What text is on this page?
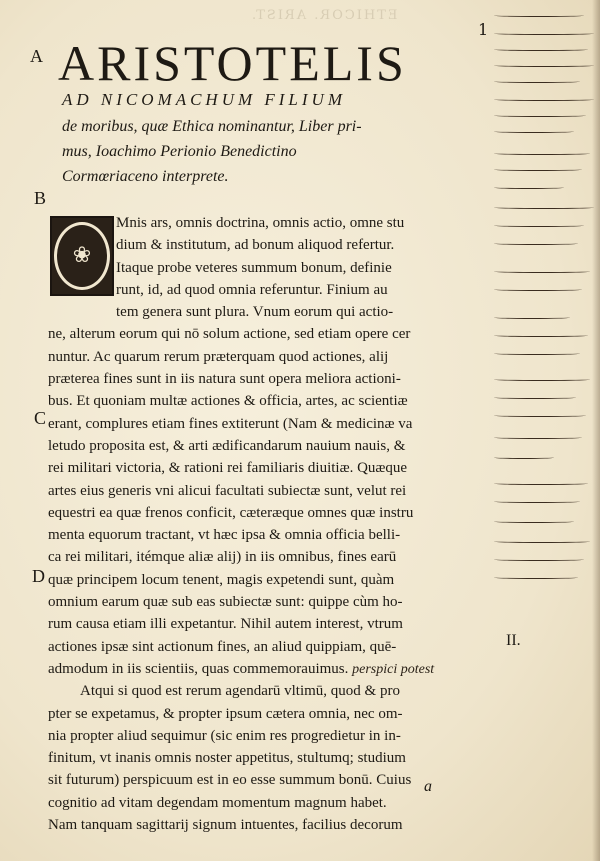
ETHICOR. ARIST.
1
A
B
C
D
ARISTOTELIS
AD NICOMACHUM FILIUM
de moribus, quæ Ethica nominantur, Liber pri-
mus, Ioachimo Perionio Benedictino
Cormœriaceno interprete.
❀
Mnis ars, omnis doctrina, omnis actio, omne stu
dium & institutum, ad bonum aliquod refertur.
Itaque probe veteres summum bonum, definie
runt, id, ad quod omnia referuntur. Finium au
tem genera sunt plura. Vnum eorum qui actio-
ne, alterum eorum qui nō solum actione, sed etiam opere cer
nuntur. Ac quarum rerum præterquam quod actiones, alij
præterea fines sunt in iis natura sunt opera meliora actioni-
bus. Et quoniam multæ actiones & officia, artes, ac scientiæ
erant, complures etiam fines extiterunt (Nam & medicinæ va
letudo proposita est, & arti ædificandarum nauium nauis, &
rei militari victoria, & rationi rei familiaris diuitiæ. Quæque
artes eius generis vni alicui facultati subiectæ sunt, velut rei
equestri ea quæ frenos conficit, cæteræque omnes quæ instru
menta equorum tractant, vt hæc ipsa & omnia officia belli-
ca rei militari, itémque aliæ alij) in iis omnibus, fines earū
quæ principem locum tenent, magis expetendi sunt, quàm
omnium earum quæ sub eas subiectæ sunt: quippe cùm ho-
rum causa etiam illi expetantur. Nihil autem interest, vtrum
actiones ipsæ sint actionum fines, an aliud quippiam, quē-
admodum in iis scientiis, quas commemorauimus. perspici potest
Atqui si quod est rerum agendarū vltimū, quod & pro
pter se expetamus, & propter ipsum cætera omnia, nec om-
nia propter aliud sequimur (sic enim res progredietur in in-
finitum, vt inanis omnis noster appetitus, stultumq; studium
sit futurum) perspicuum est in eo esse summum bonū. Cuius
cognitio ad vitam degendam momentum magnum habet.
Nam tanquam sagittarij signum intuentes, facilius decorum
II.
a
